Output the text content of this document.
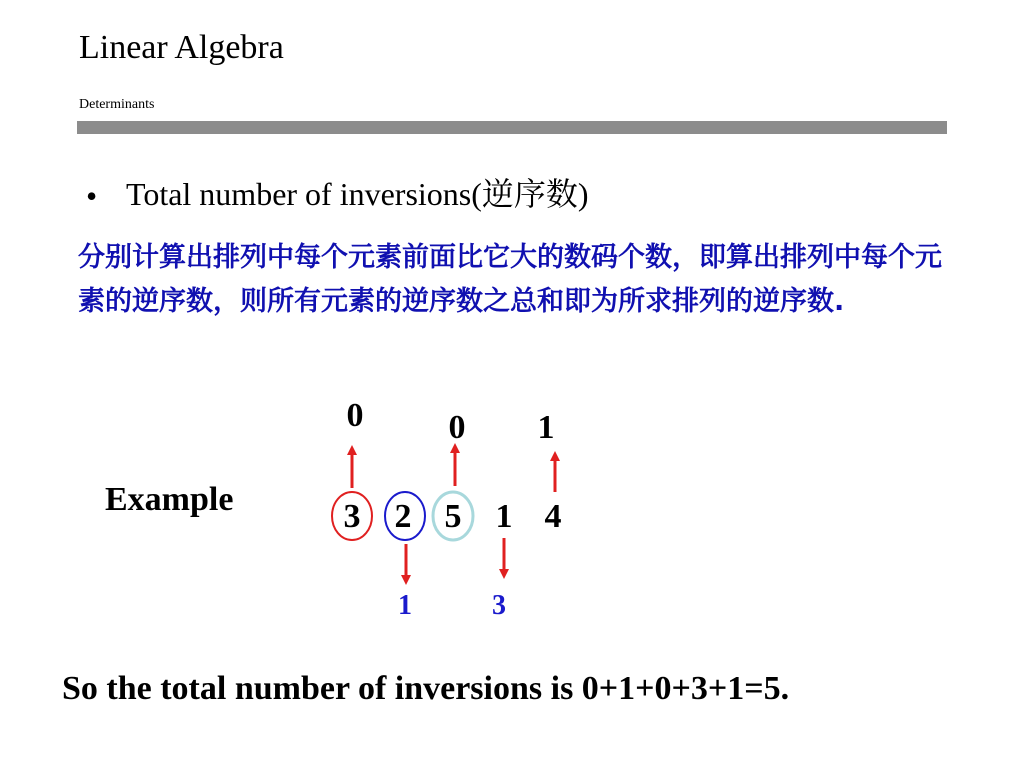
Linear Algebra
Determinants
• Total number of inversions(逆序数)
分别计算出排列中每个元素前面比它大的数码个数，即算出排列中每个元素的逆序数，则所有元素的逆序数之总和即为所求排列的逆序数.
Example
0	0 1
3 2 5 1 4
1	3
So the total number of inversions is 0+1+0+3+1=5.
